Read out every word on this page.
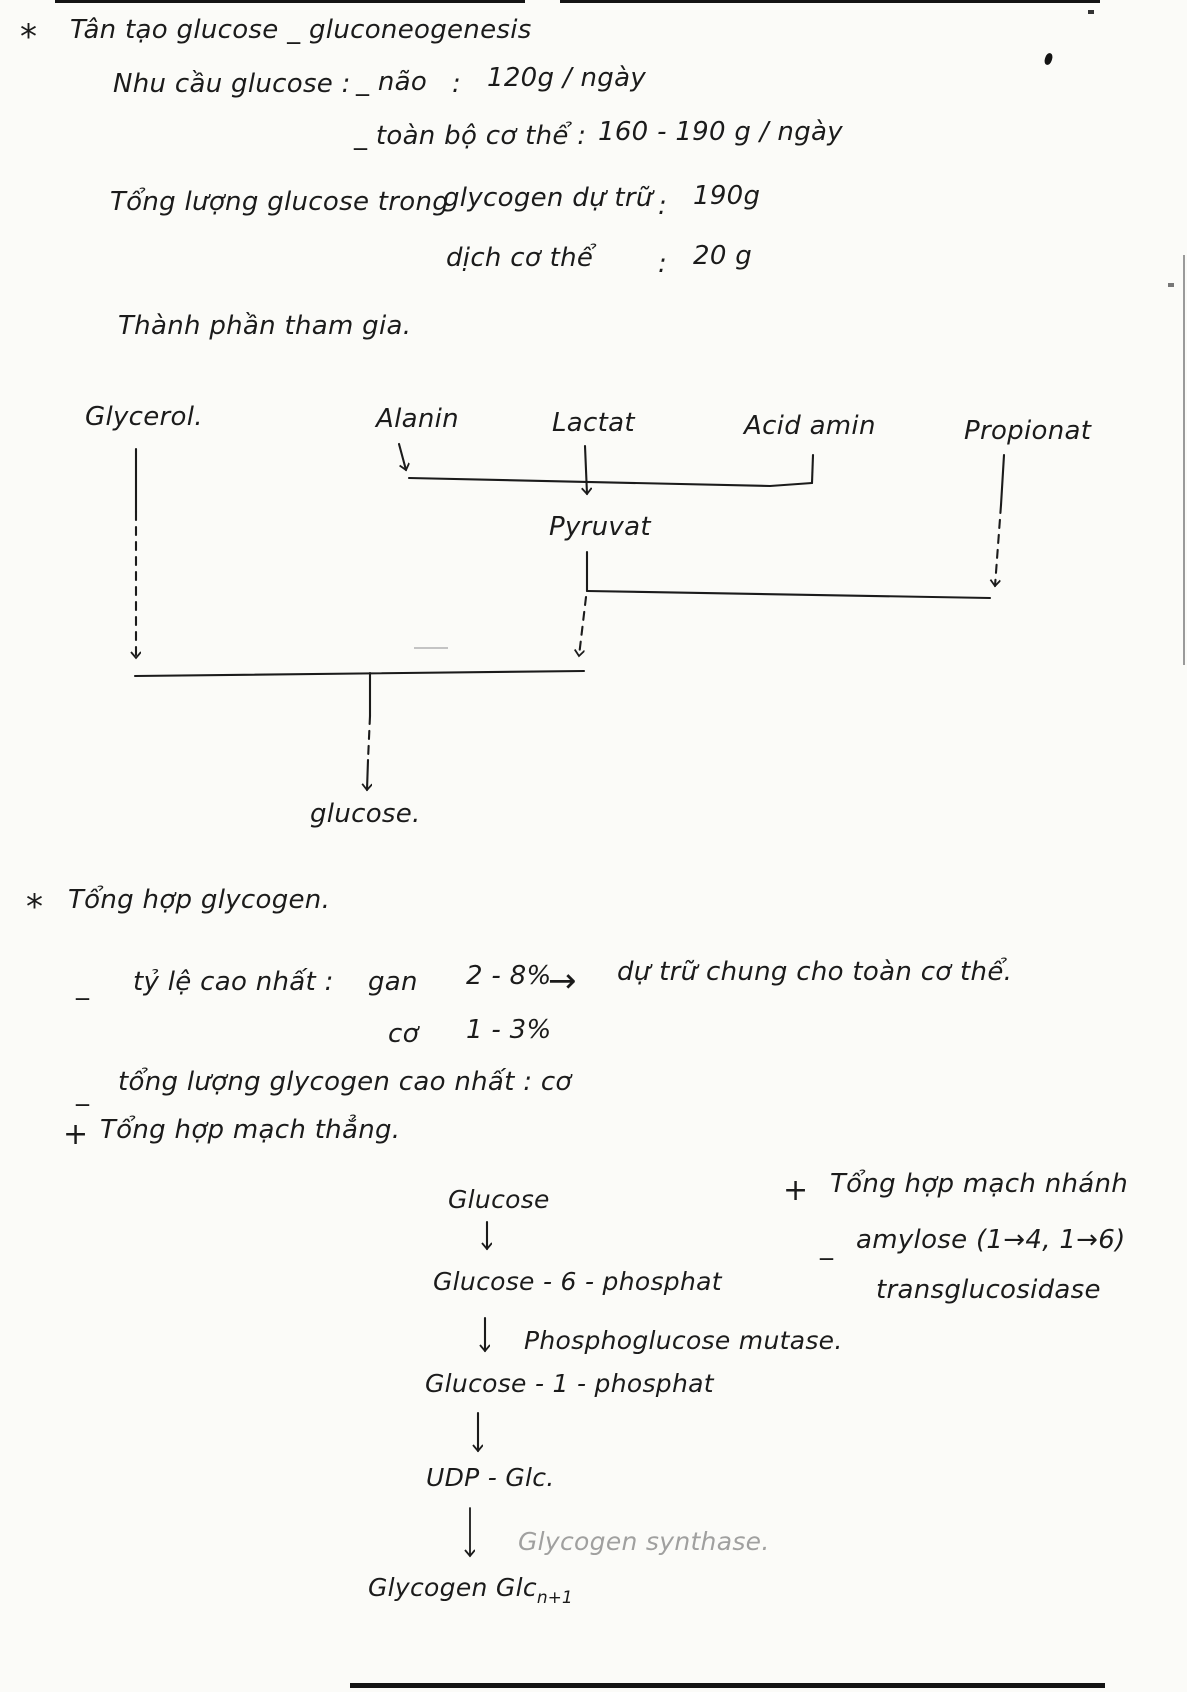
* Tân tạo glucose _ gluconeogenesis
Nhu cầu glucose : _ não : 120g / ngày
_ toàn bộ cơ thể : 160 - 190 g / ngày
Tổng lượng glucose trong
glycogen dự trữ : 190g
dịch cơ thể : 20 g
Thành phần tham gia.
Glycerol.	Alanin	Lactat	Acid amin	Propionat
Pyruvat
glucose.
* Tổng hợp glycogen.
_ tỷ lệ cao nhất : gan 2 - 8%
→ dự trữ chung cho toàn cơ thể.
cơ 1 - 3%
_ tổng lượng glycogen cao nhất : cơ
+ Tổng hợp mạch thẳng.
+ Tổng hợp mạch nhánh
_ amylose (1→4, 1→6)
transglucosidase
Glucose
Glucose - 6 - phosphat
Phosphoglucose mutase.
Glucose - 1 - phosphat
UDP - Glc.
Glycogen synthase.
Glycogen Glc$_{n+1}$
